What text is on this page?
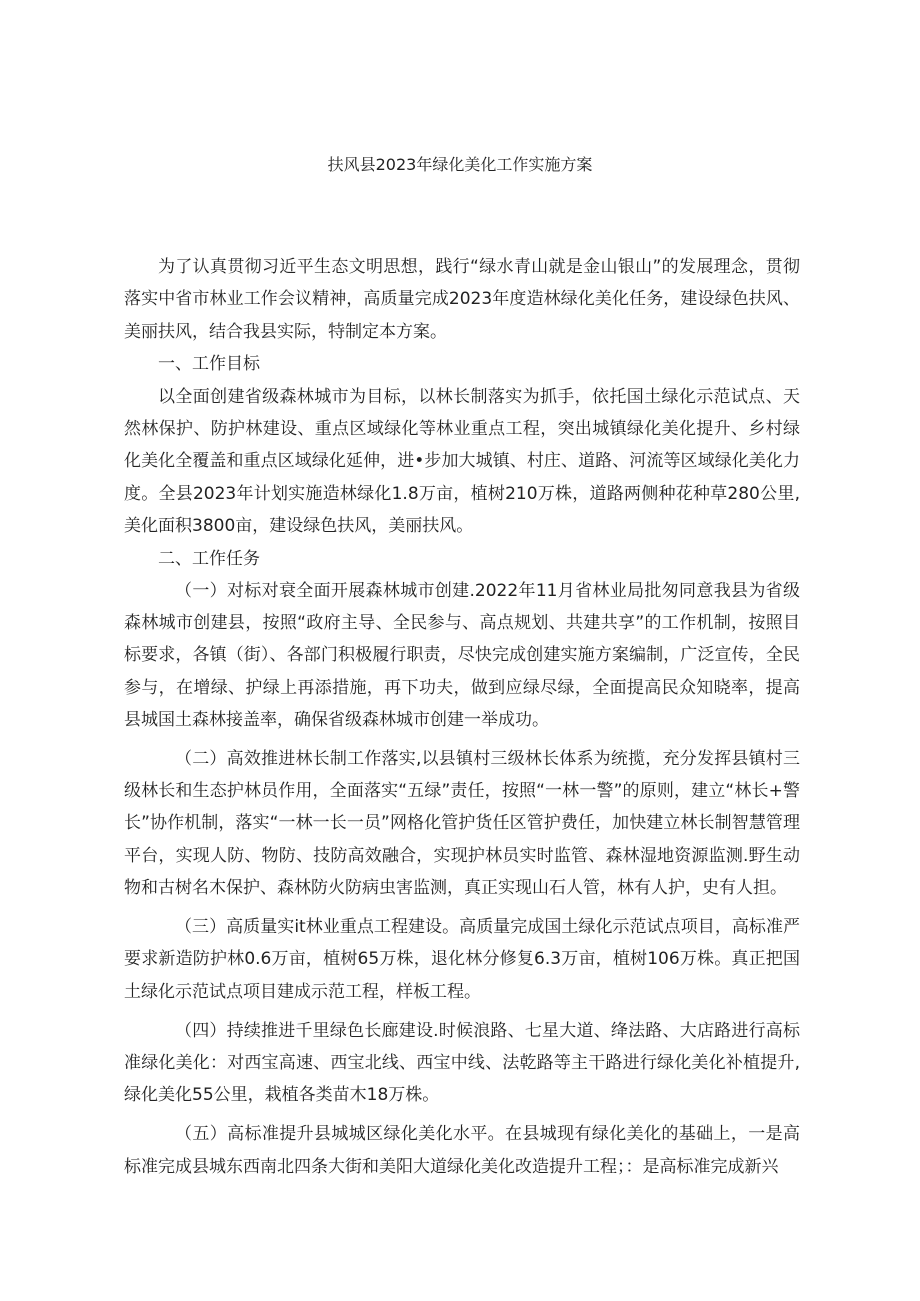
扶风县2023年绿化美化工作实施方案

为了认真贯彻习近平生态文明思想，践行“绿水青山就是金山银山”的发展理念，贯彻落实中省市林业工作会议精神，高质量完成2023年度造林绿化美化任务，建设绿色扶风、美丽扶风，结合我县实际，特制定本方案。

一、工作目标

以全面创建省级森林城市为目标，以林长制落实为抓手，依托国土绿化示范试点、天然林保护、防护林建设、重点区域绿化等林业重点工程，突出城镇绿化美化提升、乡村绿化美化全覆盖和重点区域绿化延伸，进•步加大城镇、村庄、道路、河流等区域绿化美化力度。全县2023年计划实施造林绿化1.8万亩，植树210万株，道路两侧种花种草280公里,美化面积3800亩，建设绿色扶风，美丽扶风。

二、工作任务

（一）对标对衰全面开展森林城市创建.2022年11月省林业局批匆同意我县为省级森林城市创建县，按照“政府主导、全民参与、高点规划、共建共享”的工作机制，按照目标要求，各镇（街）、各部门积极履行职责，尽快完成创建实施方案编制，广泛宣传，全民参与，在增绿、护绿上再添措施，再下功夫，做到应绿尽绿，全面提高民众知晓率，提高县城国土森林接盖率，确保省级森林城市创建一举成功。

（二）高效推进林长制工作落实,以县镇村三级林长体系为统揽，充分发挥县镇村三级林长和生态护林员作用，全面落实“五绿”责任，按照“一林一警”的原则，建立“林长+警长”协作机制，落实“一林一长一员”网格化管护货任区管护费任，加快建立林长制智慧管理平台，实现人防、物防、技防高效融合，实现护林员实时监管、森林湿地资源监测.野生动物和古树名木保护、森林防火防病虫害监测，真正实现山石人管，林有人护，史有人担。

（三）高质量实it林业重点工程建设。高质量完成国土绿化示范试点项目，高标准严要求新造防护林0.6万亩，植树65万株，退化林分修复6.3万亩，植树106万株。真正把国土绿化示范试点项目建成示范工程，样板工程。

（四）持续推进千里绿色长廊建设.时候浪路、七星大道、绛法路、大店路进行高标准绿化美化：对西宝高速、西宝北线、西宝中线、法乾路等主干路进行绿化美化补植提升,绿化美化55公里，栽植各类苗木18万株。

（五）高标准提升县城城区绿化美化水平。在县城现有绿化美化的基础上，一是高标准完成县城东西南北四条大街和美阳大道绿化美化改造提升工程；：是高标准完成新兴
